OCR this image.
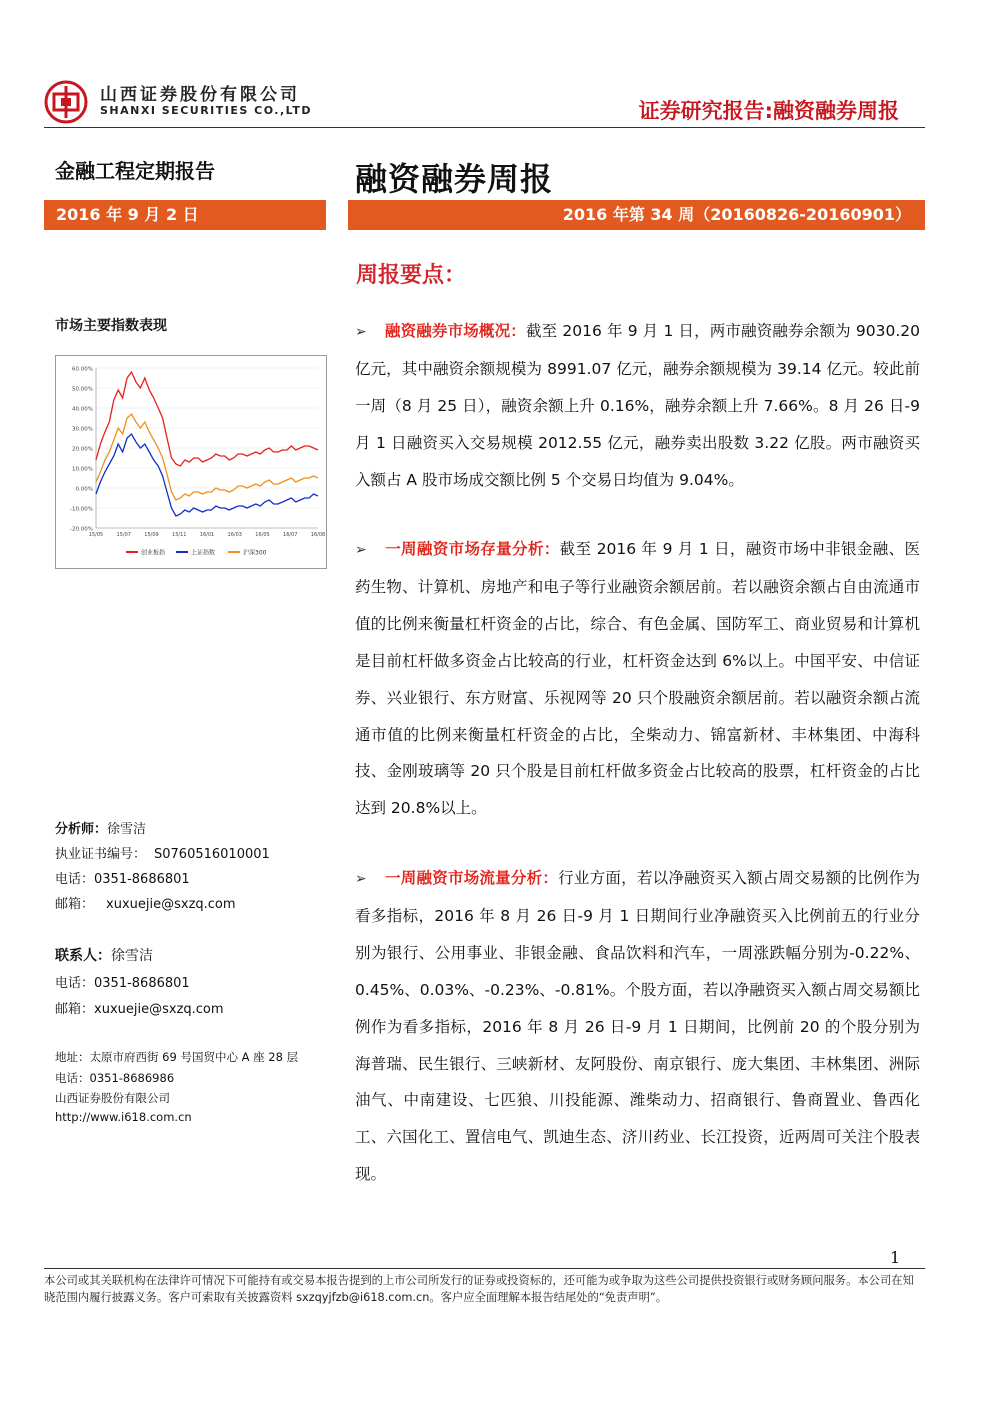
山西证券股份有限公司
SHANXI SECURITIES CO.,LTD	证券研究报告:融资融券周报
金融工程定期报告	融资融券周报
2016 年 9 月 2 日	2016 年第 34 周（20160826-20160901）
周报要点：
市场主要指数表现
60.00%
50.00%
40.00%
30.00%
20.00%
10.00%
0.00%
-10.00%
-20.00%
15/05	15/07	15/09	15/11	16/01	16/03	16/05	16/07	16/08
创业板指	上证指数	沪深300
分析师：徐雪洁
执业证书编号： S0760516010001
电话：0351-8686801
邮箱： xuxuejie@sxzq.com
联系人：徐雪洁
电话：0351-8686801
邮箱：xuxuejie@sxzq.com
地址：太原市府西街 69 号国贸中心 A 座 28 层
电话：0351-8686986
山西证券股份有限公司
http://www.i618.com.cn
➢ 融资融券市场概况：截至 2016 年 9 月 1 日，两市融资融券余额为 9030.20 亿元，其中融资余额规模为 8991.07 亿元，融券余额规模为 39.14 亿元。较此前一周（8 月 25 日），融资余额上升 0.16%，融券余额上升 7.66%。8 月 26 日-9 月 1 日融资买入交易规模 2012.55 亿元，融券卖出股数 3.22 亿股。两市融资买入额占 A 股市场成交额比例 5 个交易日均值为 9.04%。
➢ 一周融资市场存量分析：截至 2016 年 9 月 1 日，融资市场中非银金融、医药生物、计算机、房地产和电子等行业融资余额居前。若以融资余额占自由流通市值的比例来衡量杠杆资金的占比，综合、有色金属、国防军工、商业贸易和计算机是目前杠杆做多资金占比较高的行业，杠杆资金达到 6%以上。中国平安、中信证券、兴业银行、东方财富、乐视网等 20 只个股融资余额居前。若以融资余额占流通市值的比例来衡量杠杆资金的占比，全柴动力、锦富新材、丰林集团、中海科技、金刚玻璃等 20 只个股是目前杠杆做多资金占比较高的股票，杠杆资金的占比达到 20.8%以上。
➢ 一周融资市场流量分析：行业方面，若以净融资买入额占周交易额的比例作为看多指标，2016 年 8 月 26 日-9 月 1 日期间行业净融资买入比例前五的行业分别为银行、公用事业、非银金融、食品饮料和汽车，一周涨跌幅分别为-0.22%、0.45%、0.03%、-0.23%、-0.81%。个股方面，若以净融资买入额占周交易额比例作为看多指标，2016 年 8 月 26 日-9 月 1 日期间，比例前 20 的个股分别为海普瑞、民生银行、三峡新材、友阿股份、南京银行、庞大集团、丰林集团、洲际油气、中南建设、七匹狼、川投能源、潍柴动力、招商银行、鲁商置业、鲁西化工、六国化工、置信电气、凯迪生态、济川药业、长江投资，近两周可关注个股表现。
1
本公司或其关联机构在法律许可情况下可能持有或交易本报告提到的上市公司所发行的证券或投资标的，还可能为或争取为这些公司提供投资银行或财务顾问服务。本公司在知晓范围内履行披露义务。客户可索取有关披露资料 sxzqyjfzb@i618.com.cn。客户应全面理解本报告结尾处的“免责声明”。
